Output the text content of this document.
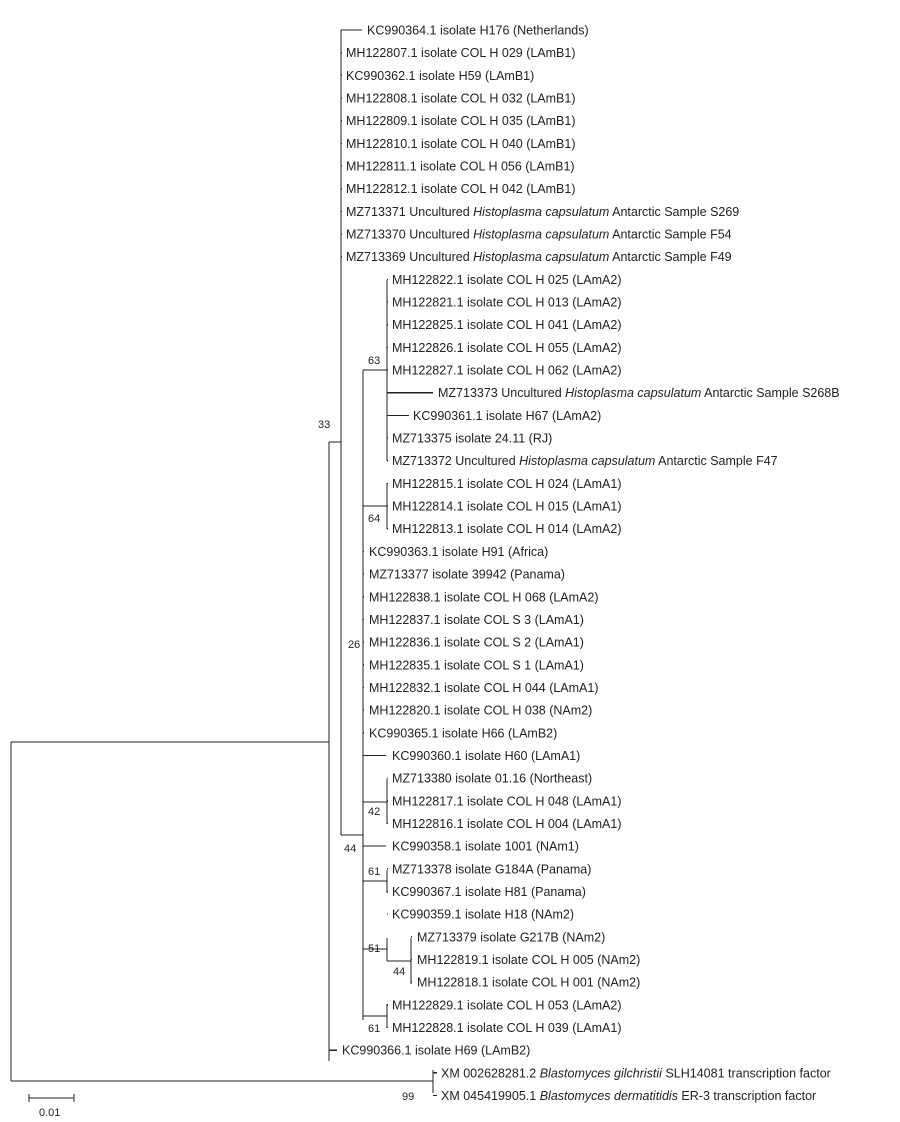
KC990364.1 isolate H176 (Netherlands)
MH122807.1 isolate COL H 029 (LAmB1)
KC990362.1 isolate H59 (LAmB1)
MH122808.1 isolate COL H 032 (LAmB1)
MH122809.1 isolate COL H 035 (LAmB1)
MH122810.1 isolate COL H 040 (LAmB1)
MH122811.1 isolate COL H 056 (LAmB1)
MH122812.1 isolate COL H 042 (LAmB1)
MZ713371 Uncultured Histoplasma capsulatum Antarctic Sample S269
MZ713370 Uncultured Histoplasma capsulatum Antarctic Sample F54
MZ713369 Uncultured Histoplasma capsulatum Antarctic Sample F49
MH122822.1 isolate COL H 025 (LAmA2)
MH122821.1 isolate COL H 013 (LAmA2)
MH122825.1 isolate COL H 041 (LAmA2)
MH122826.1 isolate COL H 055 (LAmA2)
MH122827.1 isolate COL H 062 (LAmA2)
MZ713373 Uncultured Histoplasma capsulatum Antarctic Sample S268B
KC990361.1 isolate H67 (LAmA2)
MZ713375 isolate 24.11 (RJ)
MZ713372 Uncultured Histoplasma capsulatum Antarctic Sample F47
MH122815.1 isolate COL H 024 (LAmA1)
MH122814.1 isolate COL H 015 (LAmA1)
MH122813.1 isolate COL H 014 (LAmA2)
KC990363.1 isolate H91 (Africa)
MZ713377 isolate 39942 (Panama)
MH122838.1 isolate COL H 068 (LAmA2)
MH122837.1 isolate COL S 3 (LAmA1)
MH122836.1 isolate COL S 2 (LAmA1)
MH122835.1 isolate COL S 1 (LAmA1)
MH122832.1 isolate COL H 044 (LAmA1)
MH122820.1 isolate COL H 038 (NAm2)
KC990365.1 isolate H66 (LAmB2)
KC990360.1 isolate H60 (LAmA1)
MZ713380 isolate 01.16 (Northeast)
MH122817.1 isolate COL H 048 (LAmA1)
MH122816.1 isolate COL H 004 (LAmA1)
KC990358.1 isolate 1001 (NAm1)
MZ713378 isolate G184A (Panama)
KC990367.1 isolate H81 (Panama)
KC990359.1 isolate H18 (NAm2)
MZ713379 isolate G217B (NAm2)
MH122819.1 isolate COL H 005 (NAm2)
MH122818.1 isolate COL H 001 (NAm2)
MH122829.1 isolate COL H 053 (LAmA2)
MH122828.1 isolate COL H 039 (LAmA1)
KC990366.1 isolate H69 (LAmB2)
XM 002628281.2 Blastomyces gilchristii SLH14081 transcription factor
XM 045419905.1 Blastomyces dermatitidis ER-3 transcription factor
33
63
64
26
42
44
61
51
44
61
99
0.01
